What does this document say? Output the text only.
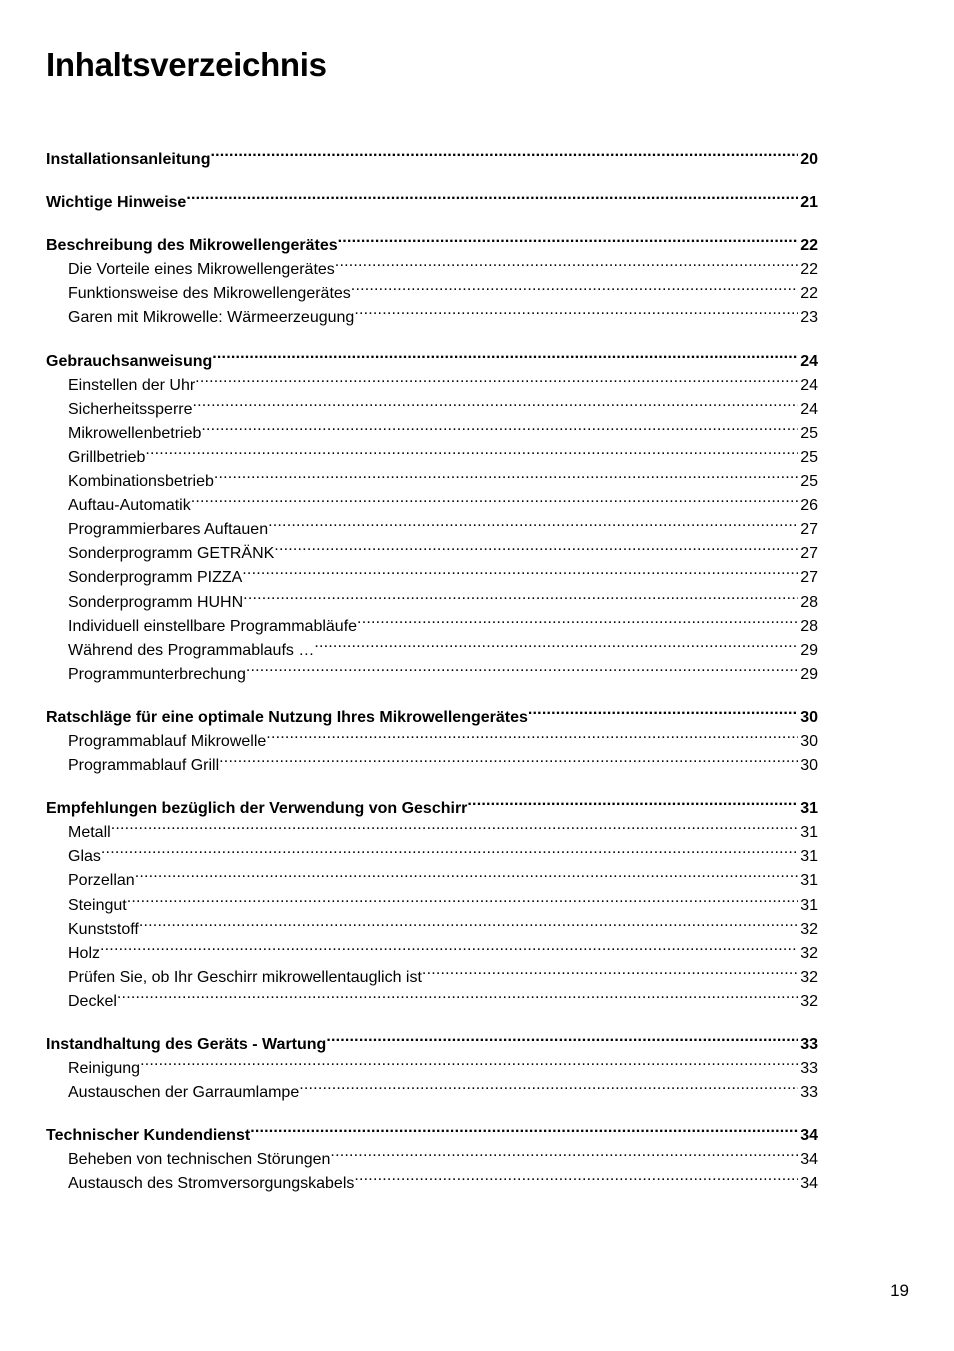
Inhaltsverzeichnis
Installationsanleitung .....	20
Wichtige Hinweise .....	21
Beschreibung des Mikrowellengerätes .....	22
Die Vorteile eines Mikrowellengerätes .....	22
Funktionsweise des Mikrowellengerätes .....	22
Garen mit Mikrowelle: Wärmeerzeugung .....	23
Gebrauchsanweisung .....	24
Einstellen der Uhr .....	24
Sicherheitssperre .....	24
Mikrowellenbetrieb .....	25
Grillbetrieb .....	25
Kombinationsbetrieb .....	25
Auftau-Automatik .....	26
Programmierbares Auftauen .....	27
Sonderprogramm GETRÄNK .....	27
Sonderprogramm PIZZA .....	27
Sonderprogramm HUHN .....	28
Individuell einstellbare Programmabläufe .....	28
Während des Programmablaufs … .....	29
Programmunterbrechung .....	29
Ratschläge für eine optimale Nutzung Ihres Mikrowellengerätes .....	30
Programmablauf Mikrowelle .....	30
Programmablauf Grill .....	30
Empfehlungen bezüglich der Verwendung von Geschirr .....	31
Metall .....	31
Glas .....	31
Porzellan .....	31
Steingut .....	31
Kunststoff .....	32
Holz .....	32
Prüfen Sie, ob Ihr Geschirr mikrowellentauglich ist .....	32
Deckel .....	32
Instandhaltung des Geräts - Wartung .....	33
Reinigung .....	33
Austauschen der Garraumlampe .....	33
Technischer Kundendienst .....	34
Beheben von technischen Störungen .....	34
Austausch des Stromversorgungskabels .....	34
19
